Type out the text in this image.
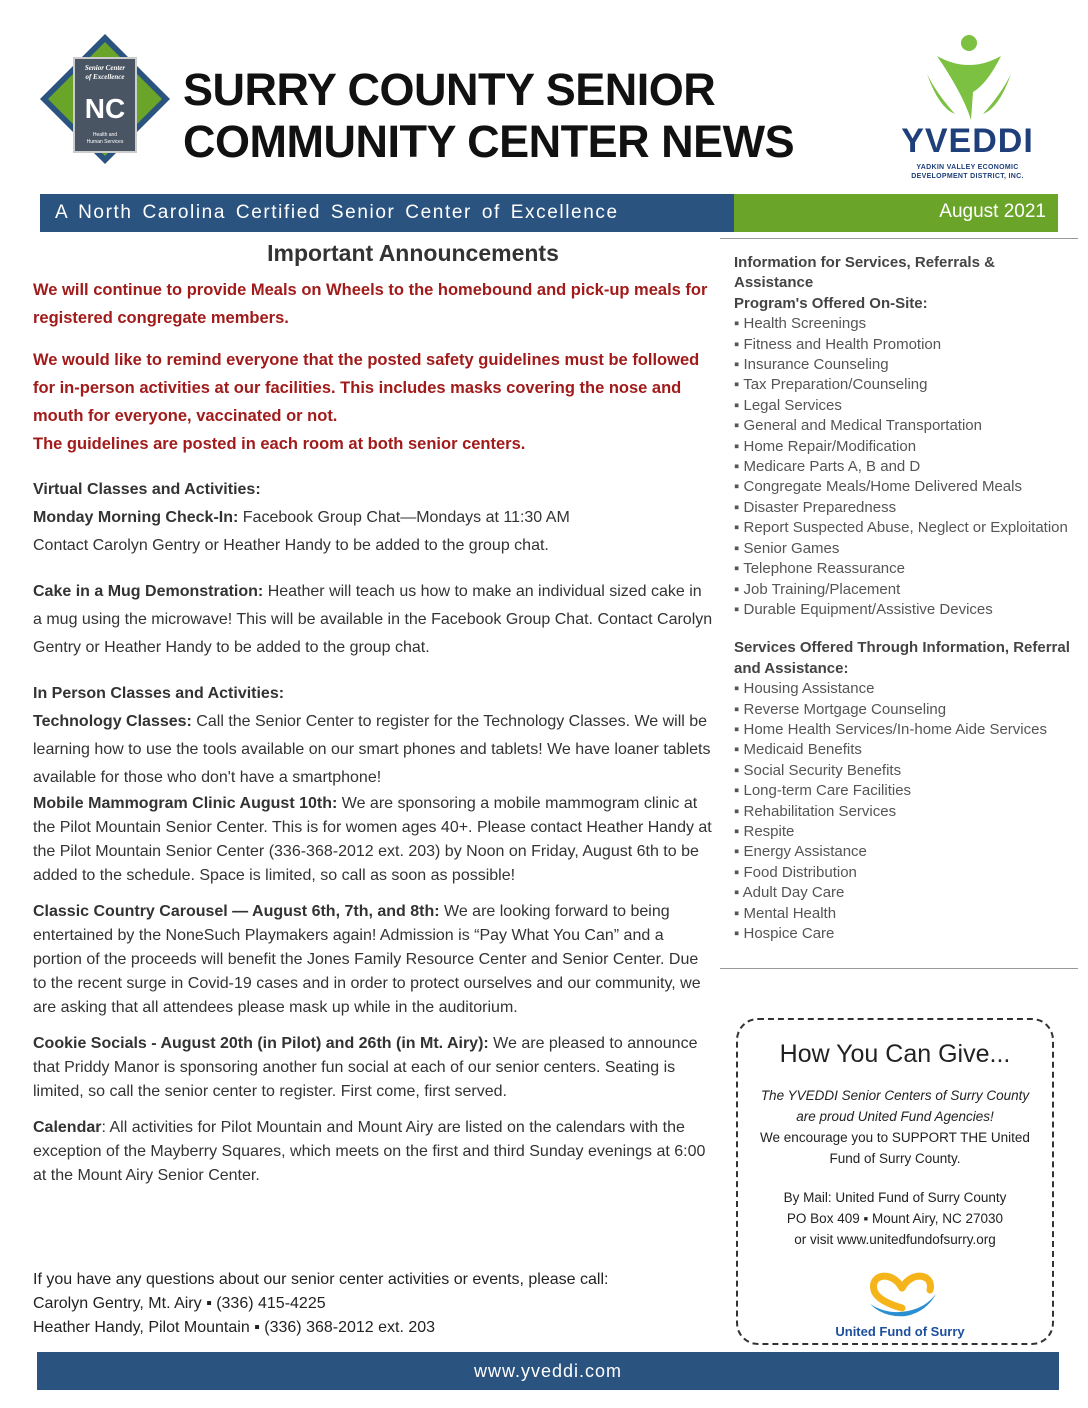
Senior Center
of Excellence
NC
Health and
Human Services
SURRY COUNTY SENIOR
COMMUNITY CENTER NEWS	YVEDDI
YADKIN VALLEY ECONOMIC
DEVELOPMENT DISTRICT, INC.
A North Carolina Certified Senior Center of Excellence	August 2021
Important Announcements

We will continue to provide Meals on Wheels to the homebound and pick-up meals for registered congregate members.

We would like to remind everyone that the posted safety guidelines must be followed for in-person activities at our facilities. This includes masks covering the nose and mouth for everyone, vaccinated or not.

The guidelines are posted in each room at both senior centers.

Virtual Classes and Activities:

Monday Morning Check-In: Facebook Group Chat—Mondays at 11:30 AM

Contact Carolyn Gentry or Heather Handy to be added to the group chat.

Cake in a Mug Demonstration: Heather will teach us how to make an individual sized cake in a mug using the microwave! This will be available in the Facebook Group Chat. Contact Carolyn Gentry or Heather Handy to be added to the group chat.

In Person Classes and Activities:

Technology Classes: Call the Senior Center to register for the Technology Classes. We will be learning how to use the tools available on our smart phones and tablets! We have loaner tablets available for those who don't have a smartphone!

Mobile Mammogram Clinic August 10th: We are sponsoring a mobile mammogram clinic at the Pilot Mountain Senior Center. This is for women ages 40+. Please contact Heather Handy at the Pilot Mountain Senior Center (336-368-2012 ext. 203) by Noon on Friday, August 6th to be added to the schedule. Space is limited, so call as soon as possible!

Classic Country Carousel — August 6th, 7th, and 8th: We are looking forward to being entertained by the NoneSuch Playmakers again! Admission is “Pay What You Can” and a portion of the proceeds will benefit the Jones Family Resource Center and Senior Center. Due to the recent surge in Covid-19 cases and in order to protect ourselves and our community, we are asking that all attendees please mask up while in the auditorium.

Cookie Socials - August 20th (in Pilot) and 26th (in Mt. Airy): We are pleased to announce that Priddy Manor is sponsoring another fun social at each of our senior centers. Seating is limited, so call the senior center to register. First come, first served.

Calendar: All activities for Pilot Mountain and Mount Airy are listed on the calendars with the exception of the Mayberry Squares, which meets on the first and third Sunday evenings at 6:00 at the Mount Airy Senior Center.

If you have any questions about our senior center activities or events, please call:
Carolyn Gentry, Mt. Airy ▪ (336) 415-4225
Heather Handy, Pilot Mountain ▪ (336) 368-2012 ext. 203
Information for Services, Referrals & Assistance
Program's Offered On-Site:
▪ Health Screenings
▪ Fitness and Health Promotion
▪ Insurance Counseling
▪ Tax Preparation/Counseling
▪ Legal Services
▪ General and Medical Transportation
▪ Home Repair/Modification
▪ Medicare Parts A, B and D
▪ Congregate Meals/Home Delivered Meals
▪ Disaster Preparedness
▪ Report Suspected Abuse, Neglect or Exploitation
▪ Senior Games
▪ Telephone Reassurance
▪ Job Training/Placement
▪ Durable Equipment/Assistive Devices
Services Offered Through Information, Referral and Assistance:
▪ Housing Assistance
▪ Reverse Mortgage Counseling
▪ Home Health Services/In-home Aide Services
▪ Medicaid Benefits
▪ Social Security Benefits
▪ Long-term Care Facilities
▪ Rehabilitation Services
▪ Respite
▪ Energy Assistance
▪ Food Distribution
▪ Adult Day Care
▪ Mental Health
▪ Hospice Care
How You Can Give...
The YVEDDI Senior Centers of Surry County are proud United Fund Agencies!
We encourage you to SUPPORT THE United Fund of Surry County.
By Mail: United Fund of Surry County
PO Box 409 ▪ Mount Airy, NC 27030
or visit www.unitedfundofsurry.org
United Fund of Surry
www.yveddi.com
